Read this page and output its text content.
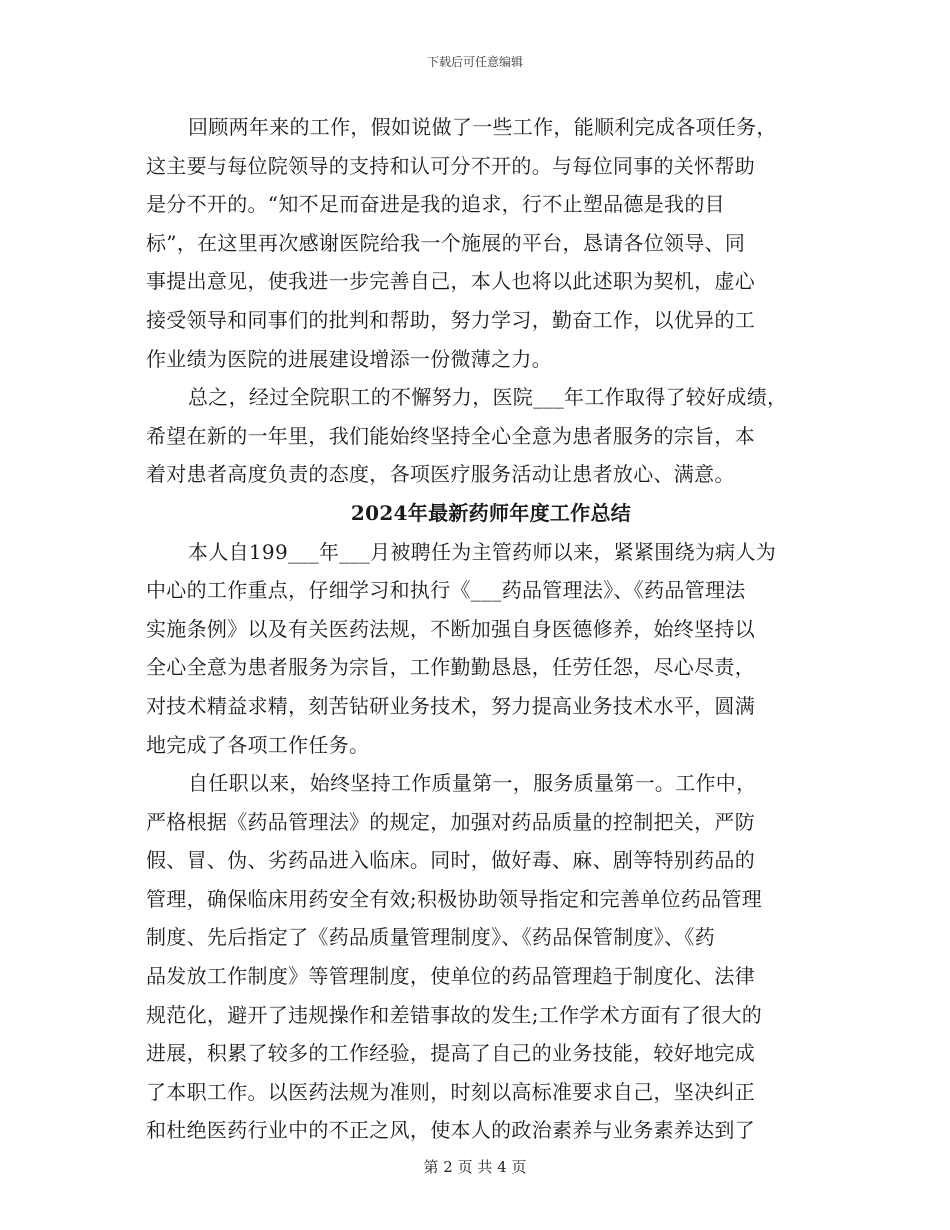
下载后可任意编辑
回顾两年来的工作，假如说做了一些工作，能顺利完成各项任务，
这主要与每位院领导的支持和认可分不开的。与每位同事的关怀帮助
是分不开的。“知不足而奋进是我的追求，行不止塑品德是我的目
标”，在这里再次感谢医院给我一个施展的平台，恳请各位领导、同
事提出意见，使我进一步完善自己，本人也将以此述职为契机，虚心
接受领导和同事们的批判和帮助，努力学习，勤奋工作，以优异的工
作业绩为医院的进展建设增添一份微薄之力。
总之，经过全院职工的不懈努力，医院___年工作取得了较好成绩，
希望在新的一年里，我们能始终坚持全心全意为患者服务的宗旨，本
着对患者高度负责的态度，各项医疗服务活动让患者放心、满意。
2024年最新药师年度工作总结
本人自199___年___月被聘任为主管药师以来，紧紧围绕为病人为
中心的工作重点，仔细学习和执行《___药品管理法》、《药品管理法
实施条例》以及有关医药法规，不断加强自身医德修养，始终坚持以
全心全意为患者服务为宗旨，工作勤勤恳恳，任劳任怨，尽心尽责，
对技术精益求精，刻苦钻研业务技术，努力提高业务技术水平，圆满
地完成了各项工作任务。
自任职以来，始终坚持工作质量第一，服务质量第一。工作中，
严格根据《药品管理法》的规定，加强对药品质量的控制把关，严防
假、冒、伪、劣药品进入临床。同时，做好毒、麻、剧等特别药品的
管理，确保临床用药安全有效;积极协助领导指定和完善单位药品管理
制度、先后指定了《药品质量管理制度》、《药品保管制度》、《药
品发放工作制度》等管理制度，使单位的药品管理趋于制度化、法律
规范化，避开了违规操作和差错事故的发生;工作学术方面有了很大的
进展，积累了较多的工作经验，提高了自己的业务技能，较好地完成
了本职工作。以医药法规为准则，时刻以高标准要求自己，坚决纠正
和杜绝医药行业中的不正之风，使本人的政治素养与业务素养达到了
第 2 页 共 4 页
